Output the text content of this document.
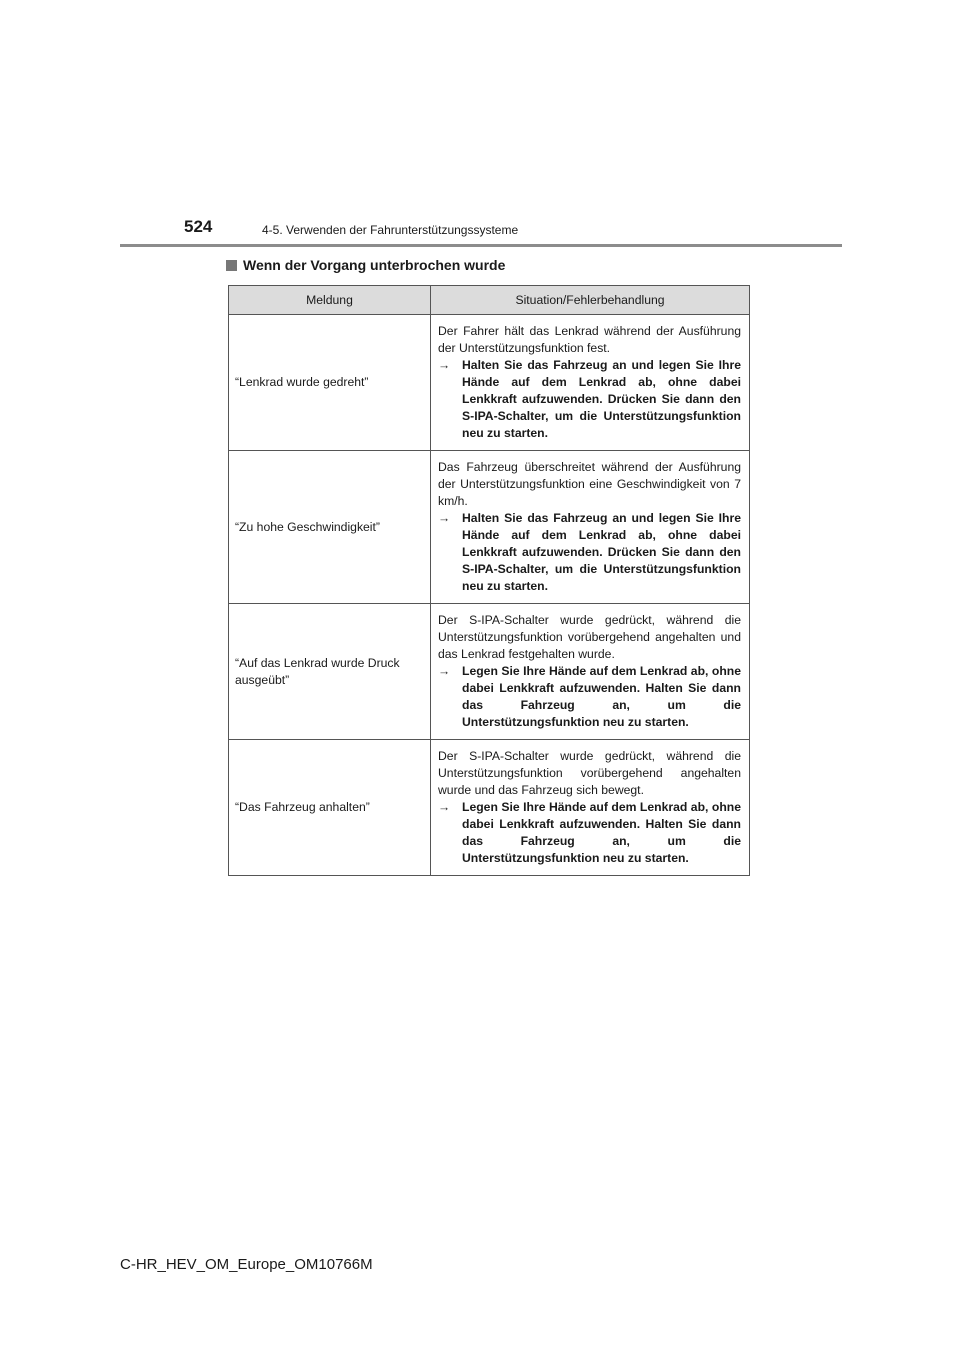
524	4-5. Verwenden der Fahrunterstützungssysteme
Wenn der Vorgang unterbrochen wurde
Meldung	Situation/Fehlerbehandlung
“Lenkrad wurde gedreht”	Der Fahrer hält das Lenkrad während der Ausführung der Unterstützungsfunktion fest.
→ Halten Sie das Fahrzeug an und legen Sie Ihre Hände auf dem Lenkrad ab, ohne dabei Lenkkraft aufzuwenden. Drücken Sie dann den S-IPA-Schalter, um die Unterstützungsfunktion neu zu starten.

“Zu hohe Geschwindigkeit”	Das Fahrzeug überschreitet während der Ausführung der Unterstützungsfunktion eine Geschwindigkeit von 7 km/h.
→ Halten Sie das Fahrzeug an und legen Sie Ihre Hände auf dem Lenkrad ab, ohne dabei Lenkkraft aufzuwenden. Drücken Sie dann den S-IPA-Schalter, um die Unterstützungsfunktion neu zu starten.

“Auf das Lenkrad wurde Druck ausgeübt”	Der S-IPA-Schalter wurde gedrückt, während die Unterstützungsfunktion vorübergehend angehalten und das Lenkrad festgehalten wurde.
→ Legen Sie Ihre Hände auf dem Lenkrad ab, ohne dabei Lenkkraft aufzuwenden. Halten Sie dann das Fahrzeug an, um die Unterstützungsfunktion neu zu starten.

“Das Fahrzeug anhalten”	Der S-IPA-Schalter wurde gedrückt, während die Unterstützungsfunktion vorübergehend angehalten wurde und das Fahrzeug sich bewegt.
→ Legen Sie Ihre Hände auf dem Lenkrad ab, ohne dabei Lenkkraft aufzuwenden. Halten Sie dann das Fahrzeug an, um die Unterstützungsfunktion neu zu starten.
C-HR_HEV_OM_Europe_OM10766M
